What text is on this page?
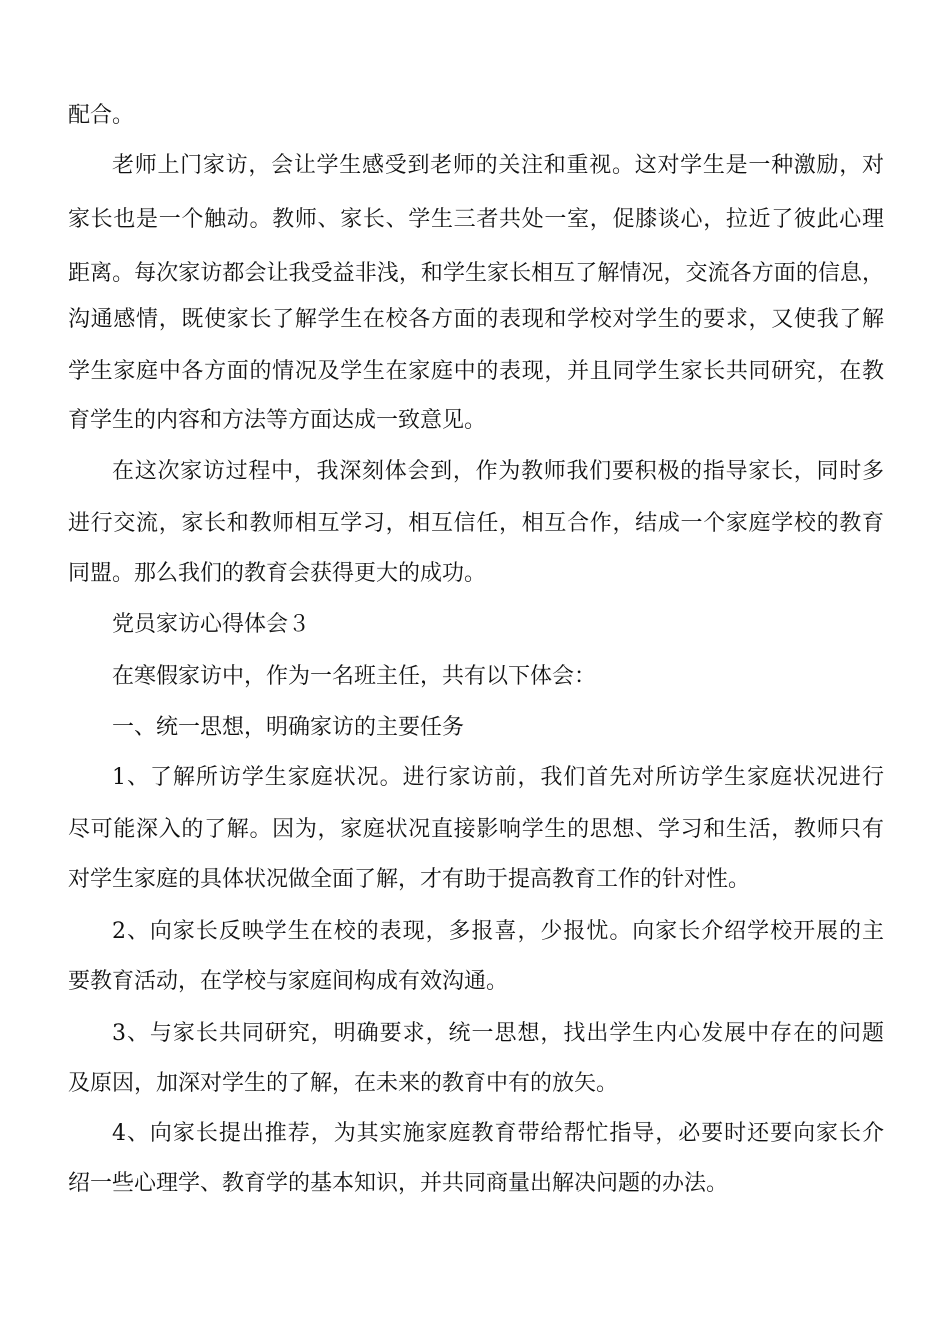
配合。
老师上门家访，会让学生感受到老师的关注和重视。这对学生是一种激励，对
家长也是一个触动。教师、家长、学生三者共处一室，促膝谈心，拉近了彼此心理
距离。每次家访都会让我受益非浅，和学生家长相互了解情况，交流各方面的信息，
沟通感情，既使家长了解学生在校各方面的表现和学校对学生的要求，又使我了解
学生家庭中各方面的情况及学生在家庭中的表现，并且同学生家长共同研究，在教
育学生的内容和方法等方面达成一致意见。
在这次家访过程中，我深刻体会到，作为教师我们要积极的指导家长，同时多
进行交流，家长和教师相互学习，相互信任，相互合作，结成一个家庭学校的教育
同盟。那么我们的教育会获得更大的成功。
党员家访心得体会３
在寒假家访中，作为一名班主任，共有以下体会：
一、统一思想，明确家访的主要任务
1、了解所访学生家庭状况。进行家访前，我们首先对所访学生家庭状况进行
尽可能深入的了解。因为，家庭状况直接影响学生的思想、学习和生活，教师只有
对学生家庭的具体状况做全面了解，才有助于提高教育工作的针对性。
2、向家长反映学生在校的表现，多报喜，少报忧。向家长介绍学校开展的主
要教育活动，在学校与家庭间构成有效沟通。
3、与家长共同研究，明确要求，统一思想，找出学生内心发展中存在的问题
及原因，加深对学生的了解，在未来的教育中有的放矢。
4、向家长提出推荐，为其实施家庭教育带给帮忙指导，必要时还要向家长介
绍一些心理学、教育学的基本知识，并共同商量出解决问题的办法。
